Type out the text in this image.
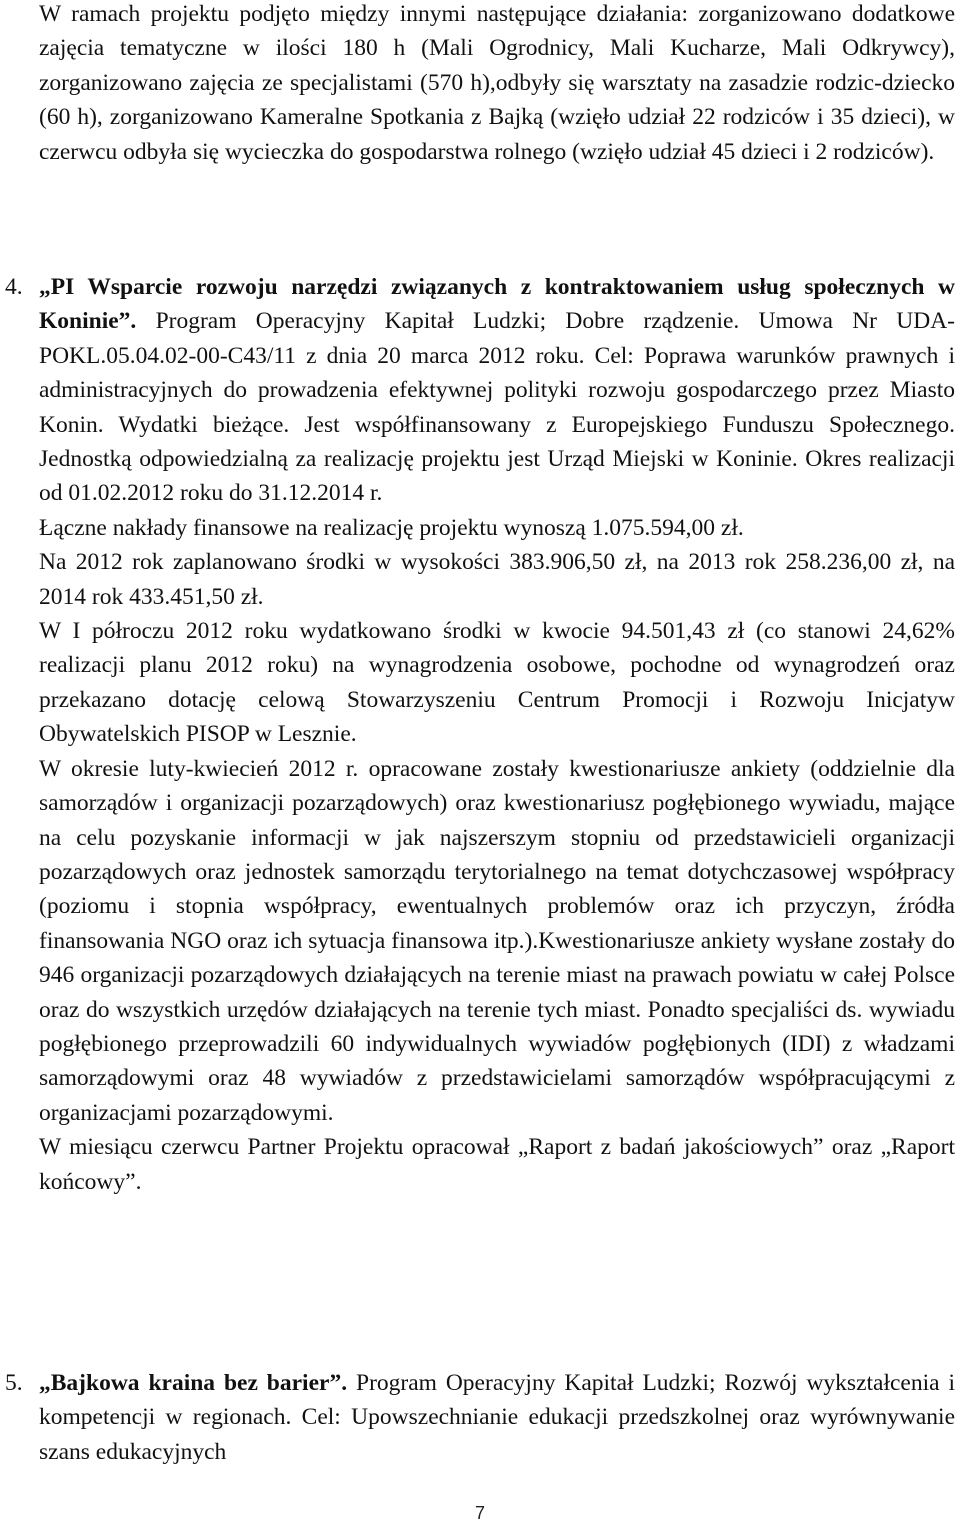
W ramach projektu podjęto między innymi następujące działania: zorganizowano dodatkowe zajęcia tematyczne w ilości 180 h (Mali Ogrodnicy, Mali Kucharze, Mali Odkrywcy), zorganizowano zajęcia ze specjalistami (570 h),odbyły się warsztaty na zasadzie rodzic-dziecko (60 h), zorganizowano Kameralne Spotkania z Bajką (wzięło udział 22 rodziców i 35 dzieci), w czerwcu odbyła się wycieczka do gospodarstwa rolnego (wzięło udział 45 dzieci i 2 rodziców).

4. „PI Wsparcie rozwoju narzędzi związanych z kontraktowaniem usług społecznych w Koninie”. Program Operacyjny Kapitał Ludzki; Dobre rządzenie. Umowa Nr UDA-POKL.05.04.02-00-C43/11 z dnia 20 marca 2012 roku. Cel: Poprawa warunków prawnych i administracyjnych do prowadzenia efektywnej polityki rozwoju gospodarczego przez Miasto Konin. Wydatki bieżące. Jest współfinansowany z Europejskiego Funduszu Społecznego. Jednostką odpowiedzialną za realizację projektu jest Urząd Miejski w Koninie. Okres realizacji od 01.02.2012 roku do 31.12.2014 r.

Łączne nakłady finansowe na realizację projektu wynoszą 1.075.594,00 zł.

Na 2012 rok zaplanowano środki w wysokości 383.906,50 zł, na 2013 rok 258.236,00 zł, na 2014 rok 433.451,50 zł.

W I półroczu 2012 roku wydatkowano środki w kwocie 94.501,43 zł (co stanowi 24,62% realizacji planu 2012 roku) na wynagrodzenia osobowe, pochodne od wynagrodzeń oraz przekazano dotację celową Stowarzyszeniu Centrum Promocji i Rozwoju Inicjatyw Obywatelskich PISOP w Lesznie.

W okresie luty-kwiecień 2012 r. opracowane zostały kwestionariusze ankiety (oddzielnie dla samorządów i organizacji pozarządowych) oraz kwestionariusz pogłębionego wywiadu, mające na celu pozyskanie informacji w jak najszerszym stopniu od przedstawicieli organizacji pozarządowych oraz jednostek samorządu terytorialnego na temat dotychczasowej współpracy (poziomu i stopnia współpracy, ewentualnych problemów oraz ich przyczyn, źródła finansowania NGO oraz ich sytuacja finansowa itp.).Kwestionariusze ankiety wysłane zostały do 946 organizacji pozarządowych działających na terenie miast na prawach powiatu w całej Polsce oraz do wszystkich urzędów działających na terenie tych miast. Ponadto specjaliści ds. wywiadu pogłębionego przeprowadzili 60 indywidualnych wywiadów pogłębionych (IDI) z władzami samorządowymi oraz 48 wywiadów z przedstawicielami samorządów współpracującymi z organizacjami pozarządowymi.

W miesiącu czerwcu Partner Projektu opracował „Raport z badań jakościowych” oraz „Raport końcowy”.

5. „Bajkowa kraina bez barier”. Program Operacyjny Kapitał Ludzki; Rozwój wykształcenia i kompetencji w regionach. Cel: Upowszechnianie edukacji przedszkolnej oraz wyrównywanie szans edukacyjnych

7
